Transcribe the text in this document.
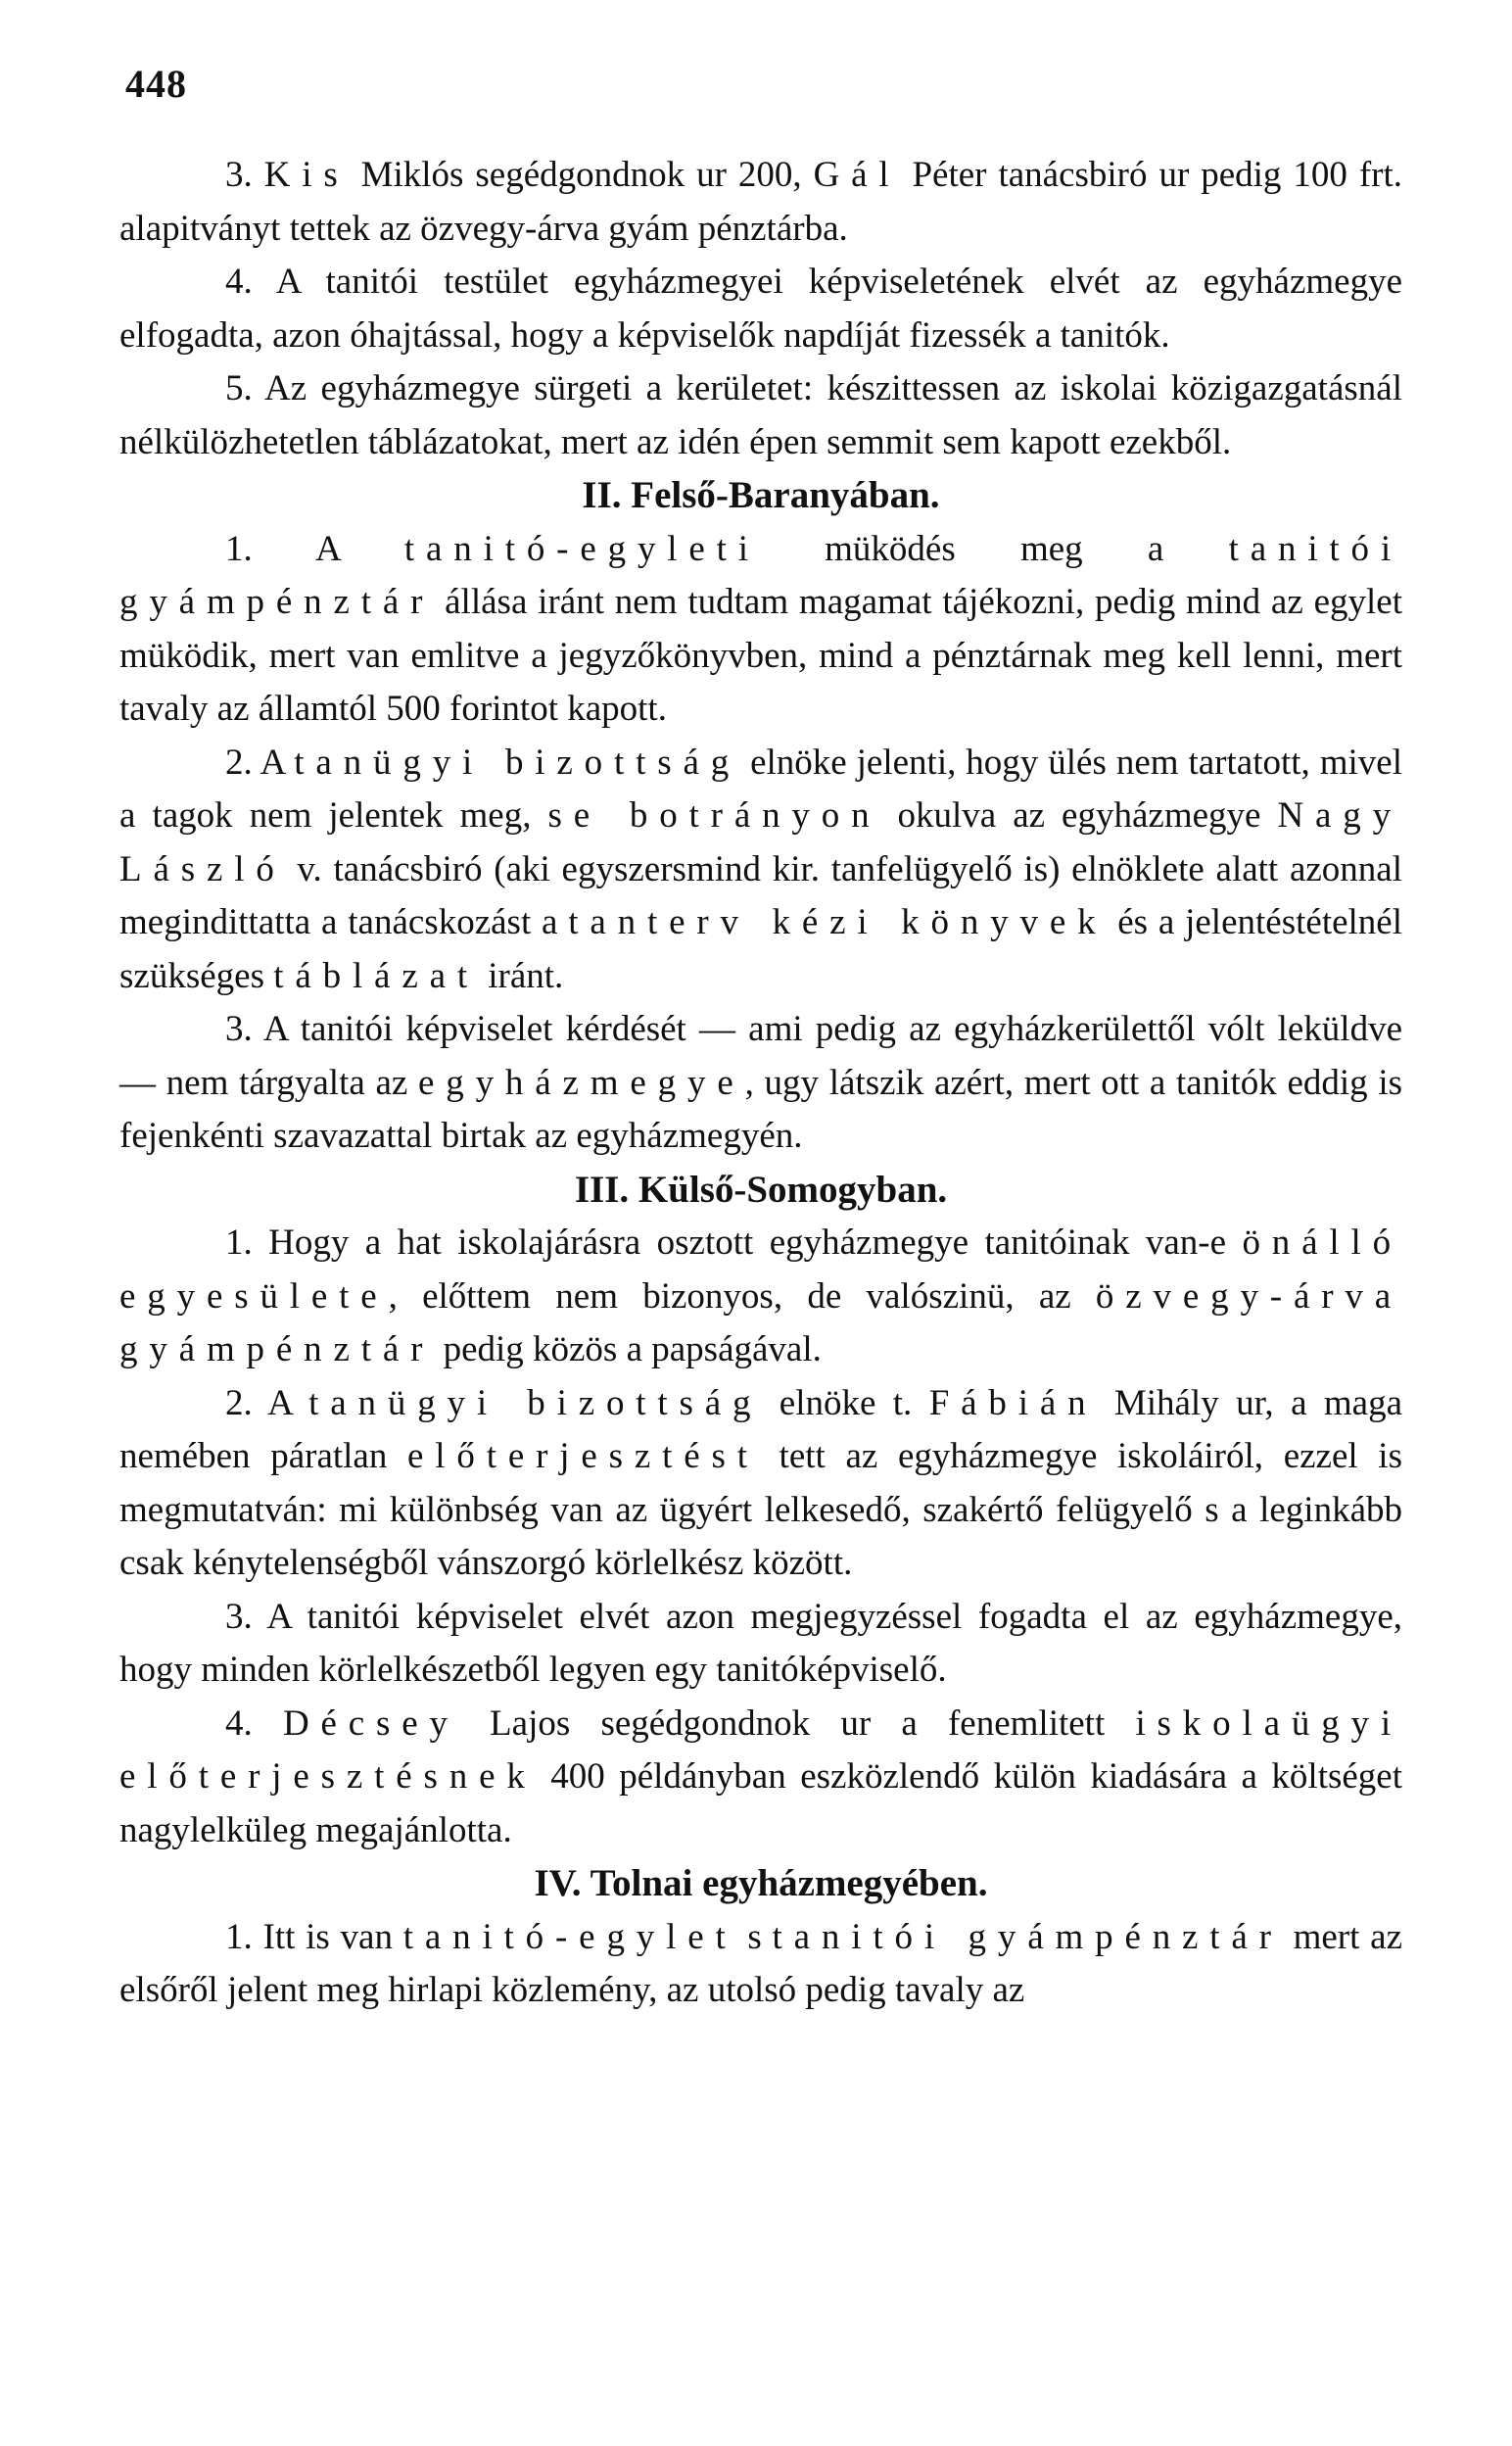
448

3. Kis Miklós segédgondnok ur 200, Gál Péter tanácsbiró ur pedig 100 frt. alapitványt tettek az özvegy-árva gyám pénztárba.

4. A tanitói testület egyházmegyei képviseletének elvét az egyházmegye elfogadta, azon óhajtással, hogy a képviselők napdíját fizessék a tanitók.

5. Az egyházmegye sürgeti a kerületet: készittessen az iskolai közigazgatásnál nélkülözhetetlen táblázatokat, mert az idén épen semmit sem kapott ezekből.

II. Felső-Baranyában.

1. A tanitó-egyleti müködés meg a tanitói gyámpénztár állása iránt nem tudtam magamat tájékozni, pedig mind az egylet müködik, mert van emlitve a jegyzőkönyvben, mind a pénztárnak meg kell lenni, mert tavaly az államtól 500 forintot kapott.

2. A tanügyi bizottság elnöke jelenti, hogy ülés nem tartatott, mivel a tagok nem jelentek meg, se botrányon okulva az egyházmegye Nagy László v. tanácsbiró (aki egyszersmind kir. tanfelügyelő is) elnöklete alatt azonnal megindittatta a tanácskozást a tanterv kézi könyvek és a jelentéstételnél szükséges táblázat iránt.

3. A tanitói képviselet kérdését — ami pedig az egyházkerülettől vólt leküldve — nem tárgyalta az egyházmegye, ugy látszik azért, mert ott a tanitók eddig is fejenkénti szavazattal birtak az egyházmegyén.

III. Külső-Somogyban.

1. Hogy a hat iskolajárásra osztott egyházmegye tanitóinak van-e önálló egyesülete, előttem nem bizonyos, de valószinü, az özvegy-árva gyámpénztár pedig közös a papságával.

2. A tanügyi bizottság elnöke t. Fábián Mihály ur, a maga nemében páratlan előterjesztést tett az egyházmegye iskoláiról, ezzel is megmutatván: mi különbség van az ügyért lelkesedő, szakértő felügyelő s a leginkább csak kénytelenségből vánszorgó körlelkész között.

3. A tanitói képviselet elvét azon megjegyzéssel fogadta el az egyházmegye, hogy minden körlelkészetből legyen egy tanitóképviselő.

4. Décsey Lajos segédgondnok ur a fenemlitett iskolaügyi előterjesztésnek 400 példányban eszközlendő külön kiadására a költséget nagylelküleg megajánlotta.

IV. Tolnai egyházmegyében.

1. Itt is van tanitó-egylet s tanitói gyámpénztár mert az elsőről jelent meg hirlapi közlemény, az utolsó pedig tavaly az
